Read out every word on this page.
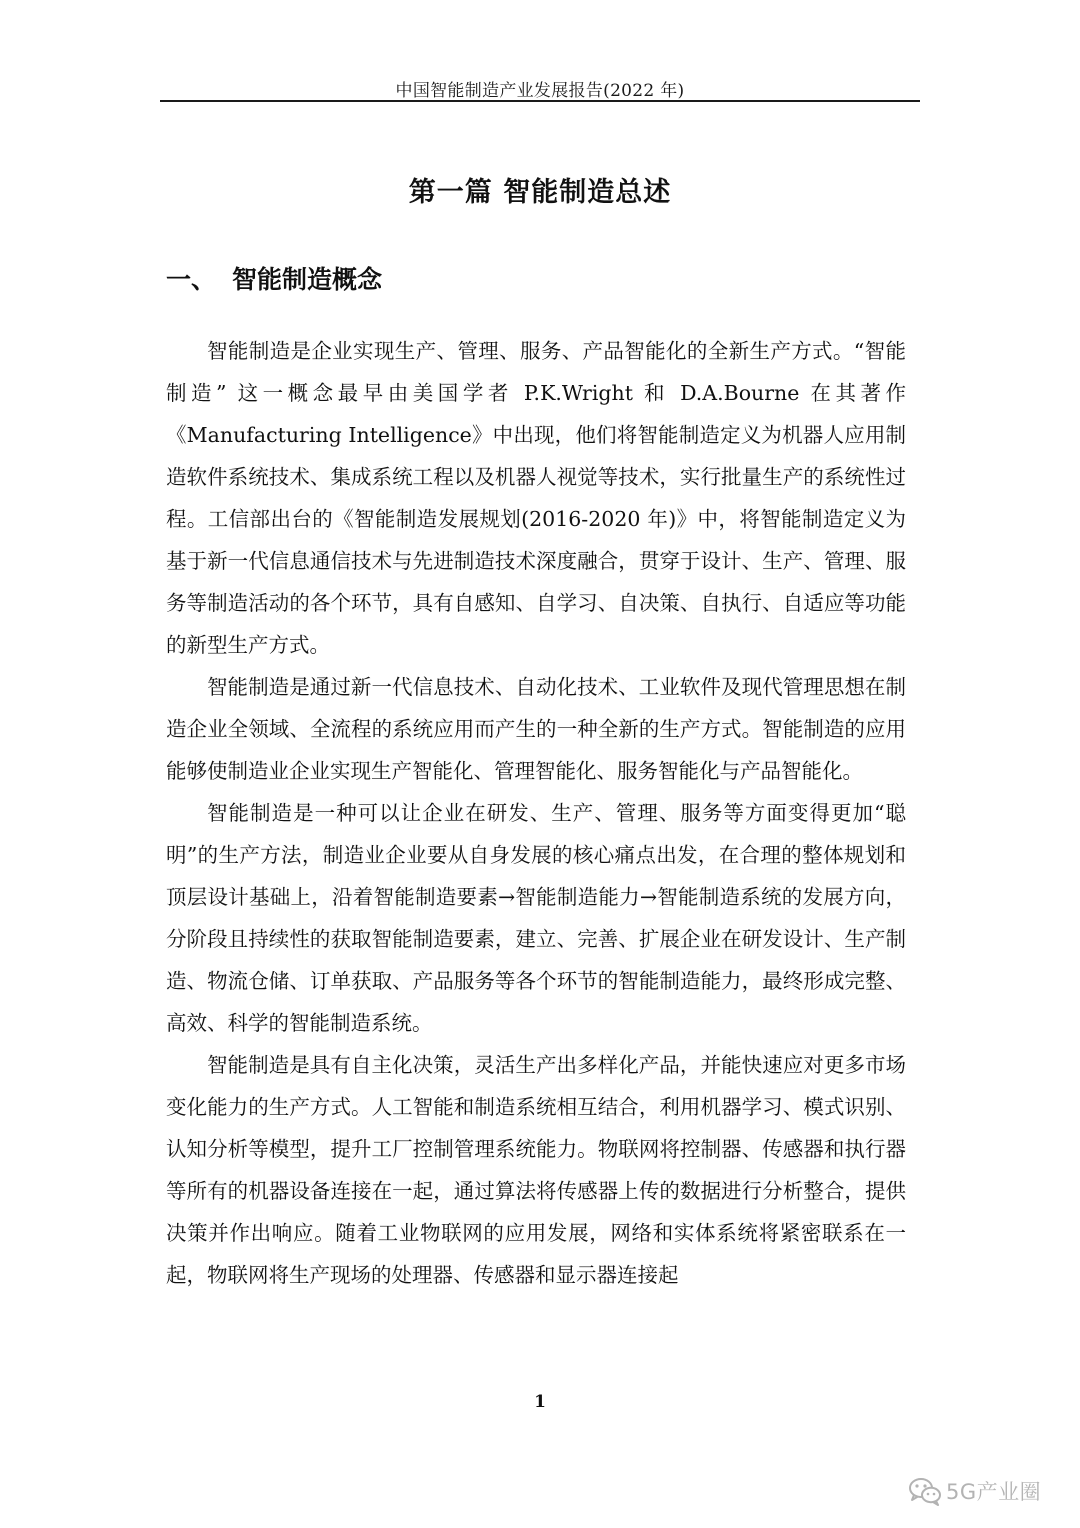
中国智能制造产业发展报告(2022 年)
第一篇 智能制造总述
一、 智能制造概念

智能制造是企业实现生产、管理、服务、产品智能化的全新生产方式。“智能制造” 这一概念最早由美国学者 P.K.Wright 和 D.A.Bourne 在其著作《Manufacturing Intelligence》中出现，他们将智能制造定义为机器人应用制造软件系统技术、集成系统工程以及机器人视觉等技术，实行批量生产的系统性过程。工信部出台的《智能制造发展规划(2016-2020 年)》中，将智能制造定义为基于新一代信息通信技术与先进制造技术深度融合，贯穿于设计、生产、管理、服务等制造活动的各个环节，具有自感知、自学习、自决策、自执行、自适应等功能的新型生产方式。

智能制造是通过新一代信息技术、自动化技术、工业软件及现代管理思想在制造企业全领域、全流程的系统应用而产生的一种全新的生产方式。智能制造的应用能够使制造业企业实现生产智能化、管理智能化、服务智能化与产品智能化。

智能制造是一种可以让企业在研发、生产、管理、服务等方面变得更加“聪明”的生产方法，制造业企业要从自身发展的核心痛点出发，在合理的整体规划和顶层设计基础上，沿着智能制造要素→智能制造能力→智能制造系统的发展方向，分阶段且持续性的获取智能制造要素，建立、完善、扩展企业在研发设计、生产制造、物流仓储、订单获取、产品服务等各个环节的智能制造能力，最终形成完整、高效、科学的智能制造系统。

智能制造是具有自主化决策，灵活生产出多样化产品，并能快速应对更多市场变化能力的生产方式。人工智能和制造系统相互结合，利用机器学习、模式识别、认知分析等模型，提升工厂控制管理系统能力。物联网将控制器、传感器和执行器等所有的机器设备连接在一起，通过算法将传感器上传的数据进行分析整合，提供决策并作出响应。随着工业物联网的应用发展，网络和实体系统将紧密联系在一起，物联网将生产现场的处理器、传感器和显示器连接起

1
5G产业圈
